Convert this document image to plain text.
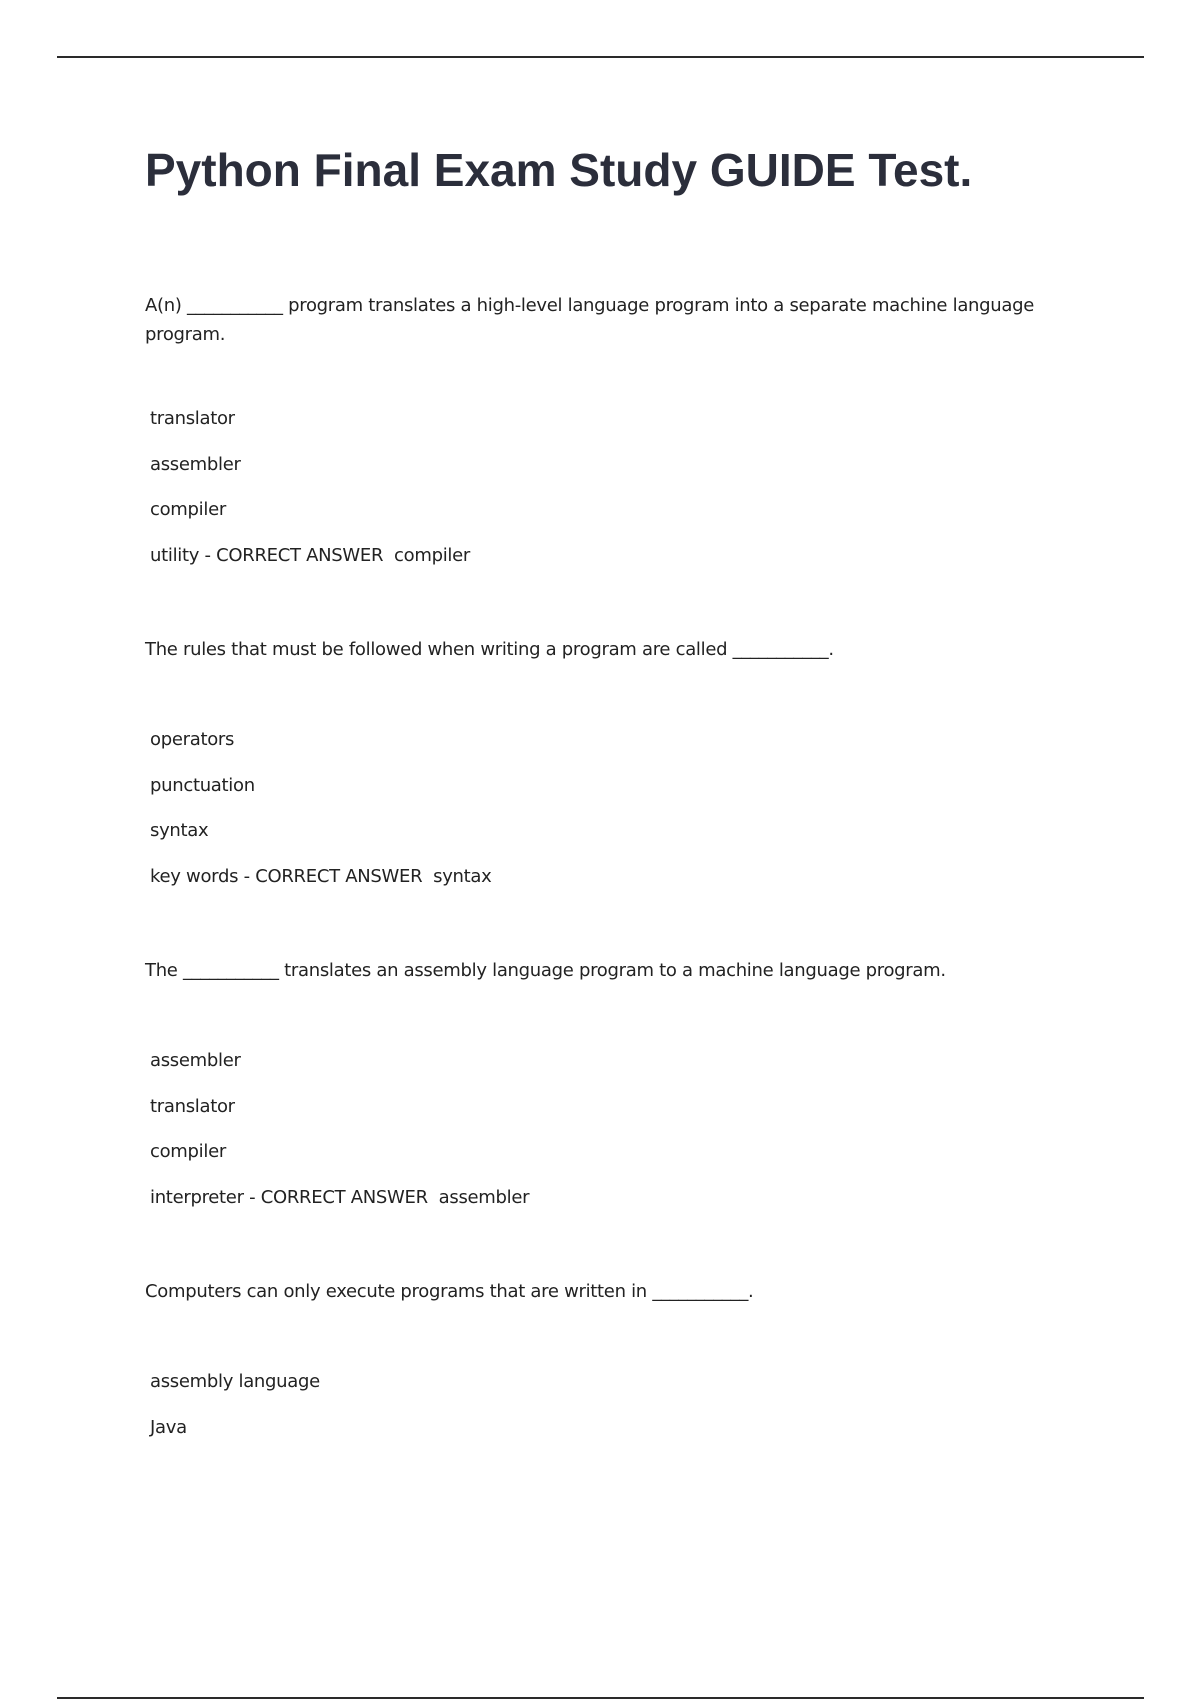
Python Final Exam Study GUIDE Test.

A(n) ___________ program translates a high-level language program into a separate machine language program.

translator
assembler
compiler
utility - CORRECT ANSWER  compiler

The rules that must be followed when writing a program are called ___________.

operators
punctuation
syntax
key words - CORRECT ANSWER  syntax

The ___________ translates an assembly language program to a machine language program.

assembler
translator
compiler
interpreter - CORRECT ANSWER  assembler

Computers can only execute programs that are written in ___________.

assembly language
Java
